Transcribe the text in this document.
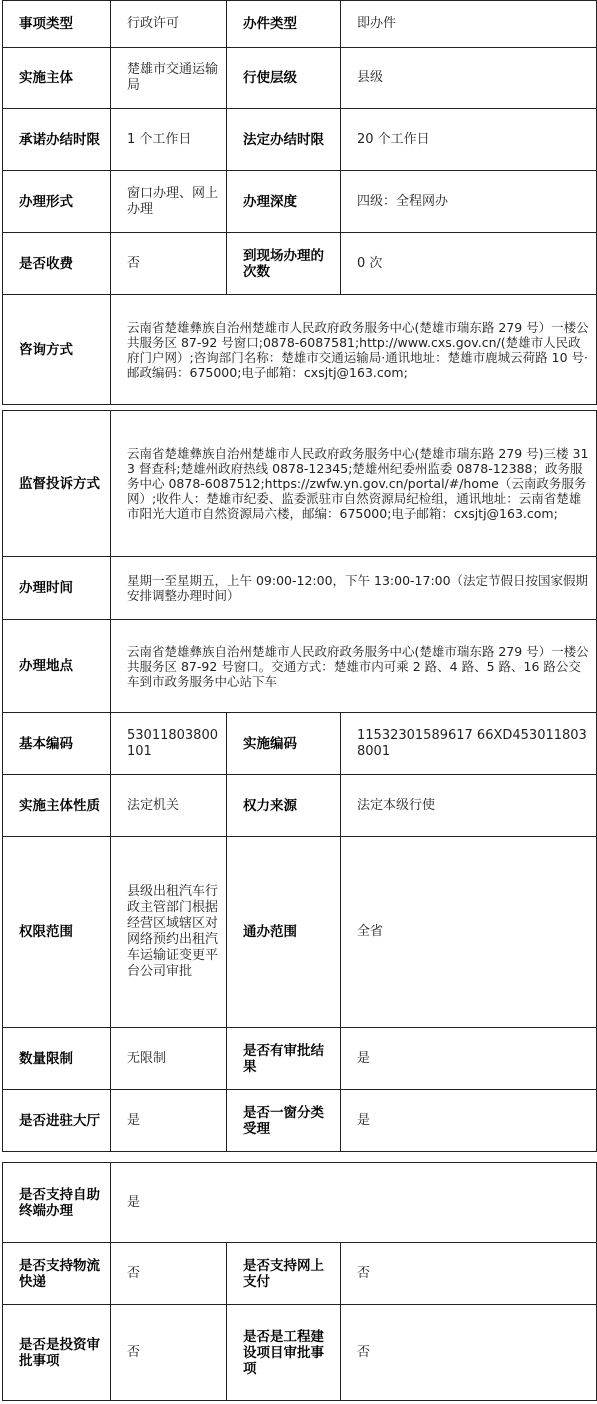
事项类型	行政许可	办件类型	即办件
实施主体	楚雄市交通运输局	行使层级	县级
承诺办结时限	1 个工作日	法定办结时限	20 个工作日
办理形式	窗口办理、网上办理	办理深度	四级：全程网办
是否收费	否	到现场办理的次数	0 次
咨询方式	云南省楚雄彝族自治州楚雄市人民政府政务服务中心(楚雄市瑞东路 279 号）一楼公共服务区 87-92 号窗口;0878-6087581;http://www.cxs.gov.cn/(楚雄市人民政府门户网）;咨询部门名称：楚雄市交通运输局·通讯地址：楚雄市鹿城云荷路 10 号·邮政编码：675000;电子邮箱：cxsjtj@163.com;		
监督投诉方式	云南省楚雄彝族自治州楚雄市人民政府政务服务中心(楚雄市瑞东路 279 号)三楼 313 督查科;楚雄州政府热线 0878-12345;楚雄州纪委州监委 0878-12388；政务服务中心 0878-6087512;https://zwfw.yn.gov.cn/portal/#/home（云南政务服务网）;收件人：楚雄市纪委、监委派驻市自然资源局纪检组，通讯地址：云南省楚雄市阳光大道市自然资源局六楼，邮编：675000;电子邮箱：cxsjtj@163.com;		
办理时间	星期一至星期五，上午 09:00-12:00，下午 13:00-17:00（法定节假日按国家假期安排调整办理时间）		
办理地点	云南省楚雄彝族自治州楚雄市人民政府政务服务中心(楚雄市瑞东路 279 号）一楼公共服务区 87-92 号窗口。交通方式：楚雄市内可乘 2 路、4 路、5 路、16 路公交车到市政务服务中心站下车		
基本编码	53011803800101	实施编码	11532301589617 66XD4530118038001
实施主体性质	法定机关	权力来源	法定本级行使
权限范围	县级出租汽车行政主管部门根据经营区域辖区对网络预约出租汽车运输证变更平台公司审批	通办范围	全省
数量限制	无限制	是否有审批结果	是
是否进驻大厅	是	是否一窗分类受理	是
是否支持自助终端办理	是		
是否支持物流快递	否	是否支持网上支付	否
是否是投资审批事项	否	是否是工程建设项目审批事项	否
